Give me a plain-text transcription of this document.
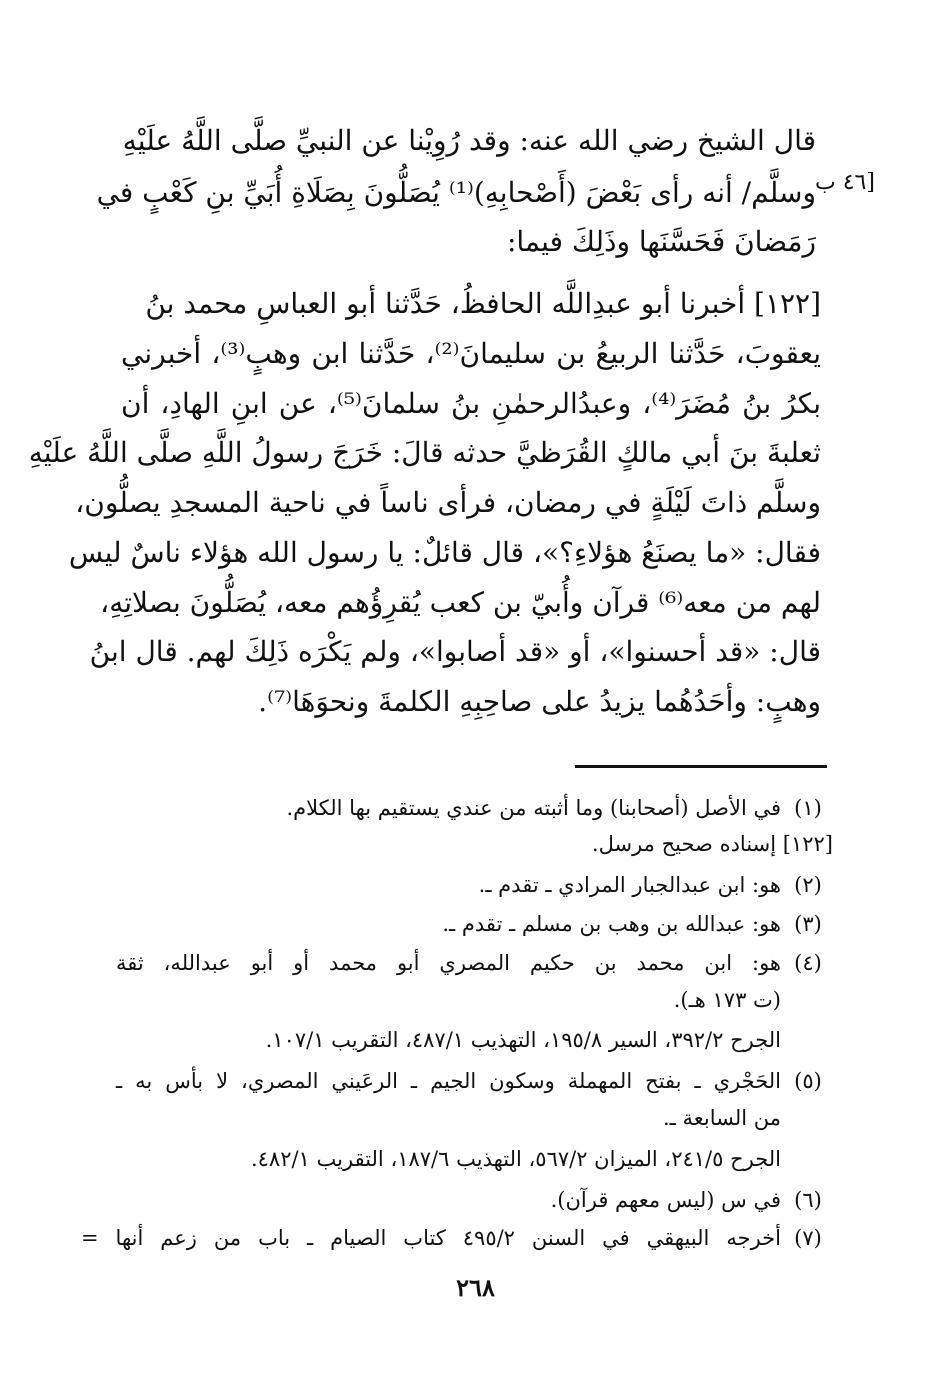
[٤٦ ب
قال الشيخ رضي الله عنه: وقد رُوِيْنا عن النبيِّ صلَّى اللَّهُ علَيْهِ
وسلَّم/ أنه رأى بَعْضَ (أَصْحابِهِ)⁽¹⁾ يُصَلُّونَ بِصَلَاةِ أُبَيِّ بنِ كَعْبٍ في
رَمَضانَ فَحَسَّنَها وذَلِكَ فيما:
[١٢٢] أخبرنا أبو عبدِاللَّه الحافظُ، حَدَّثنا أبو العباسِ محمد بنُ
يعقوبَ، حَدَّثنا الربيعُ بن سليمانَ⁽²⁾، حَدَّثنا ابن وهبٍ⁽³⁾، أخبرني
بكرُ بنُ مُضَرَ⁽⁴⁾، وعبدُالرحمٰنِ بنُ سلمانَ⁽⁵⁾، عن ابنِ الهادِ، أن
ثعلبةَ بنَ أبي مالكٍ القُرَظيَّ حدثه قالَ: خَرَجَ رسولُ اللَّهِ صلَّى اللَّهُ علَيْهِ
وسلَّم ذاتَ لَيْلَةٍ في رمضان، فرأى ناساً في ناحية المسجدِ يصلُّون،
فقال: «ما يصنَعُ هؤلاءِ؟»، قال قائلٌ: يا رسول الله هؤلاء ناسٌ ليس
لهم من معه⁽⁶⁾ قرآن وأُبيّ بن كعب يُقرِؤُهم معه، يُصَلُّونَ بصلاتِهِ،
قال: «قد أحسنوا»، أو «قد أصابوا»، ولم يَكْرَه ذَلِكَ لهم. قال ابنُ
وهبٍ: وأحَدُهُما يزيدُ على صاحِبِهِ الكلمةَ ونحوَهَا⁽⁷⁾.
(١)
في الأصل (أصحابنا) وما أثبته من عندي يستقيم بها الكلام.
[١٢٢] إسناده صحيح مرسل.
(٢)
هو: ابن عبدالجبار المرادي ـ تقدم ـ.
(٣)
هو: عبدالله بن وهب بن مسلم ـ تقدم ـ.
(٤)
هو: ابن محمد بن حكيم المصري أبو محمد أو أبو عبدالله، ثقة
(ت ١٧٣ هـ).
الجرح ٣٩٢/٢، السير ١٩٥/٨، التهذيب ٤٨٧/١، التقريب ١٠٧/١.
(٥)
الحَجْري ـ بفتح المهملة وسكون الجيم ـ الرعَيني المصري، لا بأس به ـ
من السابعة ـ.
الجرح ٢٤١/٥، الميزان ٥٦٧/٢، التهذيب ١٨٧/٦، التقريب ٤٨٢/١.
(٦)
في س (ليس معهم قرآن).
(٧)
أخرجه البيهقي في السنن ٤٩٥/٢ كتاب الصيام ـ باب من زعم أنها =
٢٦٨
